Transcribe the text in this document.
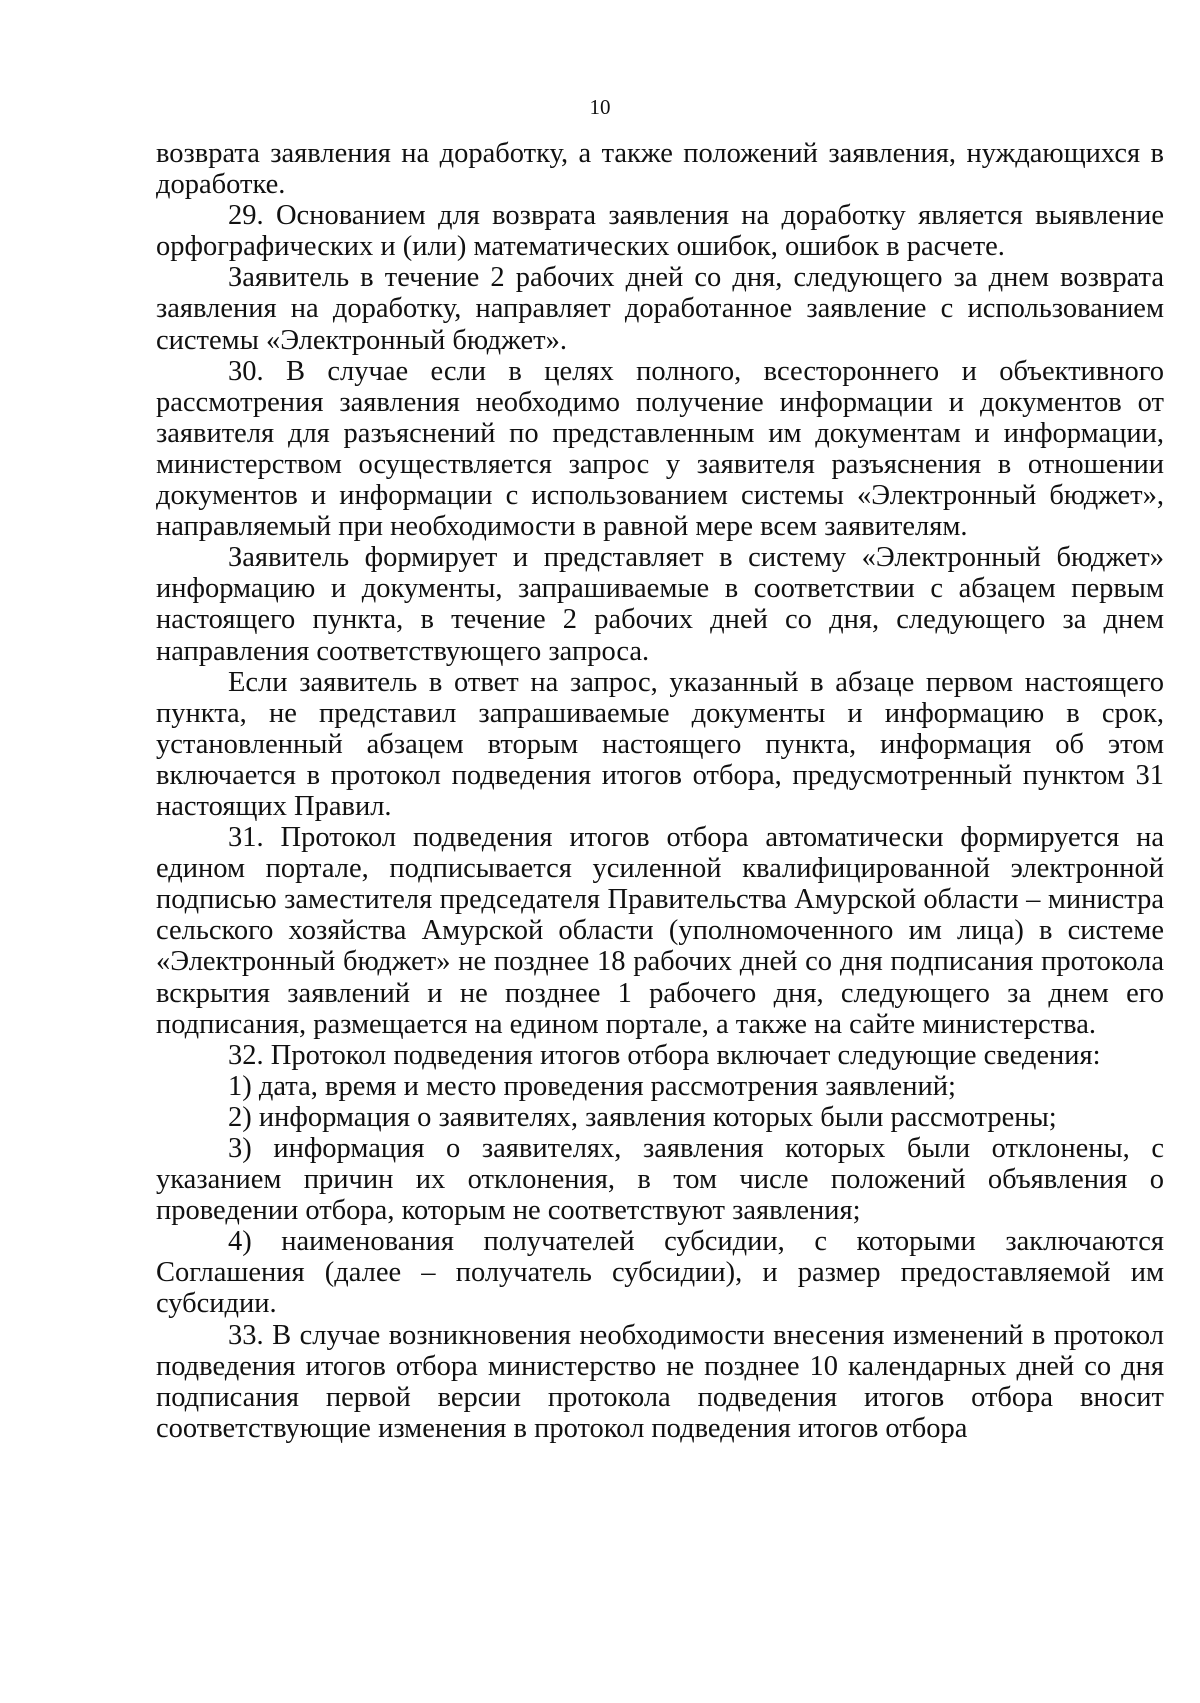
10

возврата заявления на доработку, а также положений заявления, нуждающихся в доработке.

29. Основанием для возврата заявления на доработку является выявление орфографических и (или) математических ошибок, ошибок в расчете.

Заявитель в течение 2 рабочих дней со дня, следующего за днем возврата заявления на доработку, направляет доработанное заявление с использованием системы «Электронный бюджет».

30. В случае если в целях полного, всестороннего и объективного рассмотрения заявления необходимо получение информации и документов от заявителя для разъяснений по представленным им документам и информации, министерством осуществляется запрос у заявителя разъяснения в отношении документов и информации с использованием системы «Электронный бюджет», направляемый при необходимости в равной мере всем заявителям.

Заявитель формирует и представляет в систему «Электронный бюджет» информацию и документы, запрашиваемые в соответствии с абзацем первым настоящего пункта, в течение 2 рабочих дней со дня, следующего за днем направления соответствующего запроса.

Если заявитель в ответ на запрос, указанный в абзаце первом настоящего пункта, не представил запрашиваемые документы и информацию в срок, установленный абзацем вторым настоящего пункта, информация об этом включается в протокол подведения итогов отбора, предусмотренный пунктом 31 настоящих Правил.

31. Протокол подведения итогов отбора автоматически формируется на едином портале, подписывается усиленной квалифицированной электронной подписью заместителя председателя Правительства Амурской области – министра сельского хозяйства Амурской области (уполномоченного им лица) в системе «Электронный бюджет» не позднее 18 рабочих дней со дня подписания протокола вскрытия заявлений и не позднее 1 рабочего дня, следующего за днем его подписания, размещается на едином портале, а также на сайте министерства.

32. Протокол подведения итогов отбора включает следующие сведения:

1) дата, время и место проведения рассмотрения заявлений;

2) информация о заявителях, заявления которых были рассмотрены;

3) информация о заявителях, заявления которых были отклонены, с указанием причин их отклонения, в том числе положений объявления о проведении отбора, которым не соответствуют заявления;

4) наименования получателей субсидии, с которыми заключаются Соглашения (далее – получатель субсидии), и размер предоставляемой им субсидии.

33. В случае возникновения необходимости внесения изменений в протокол подведения итогов отбора министерство не позднее 10 календарных дней со дня подписания первой версии протокола подведения итогов отбора вносит соответствующие изменения в протокол подведения итогов отбора
